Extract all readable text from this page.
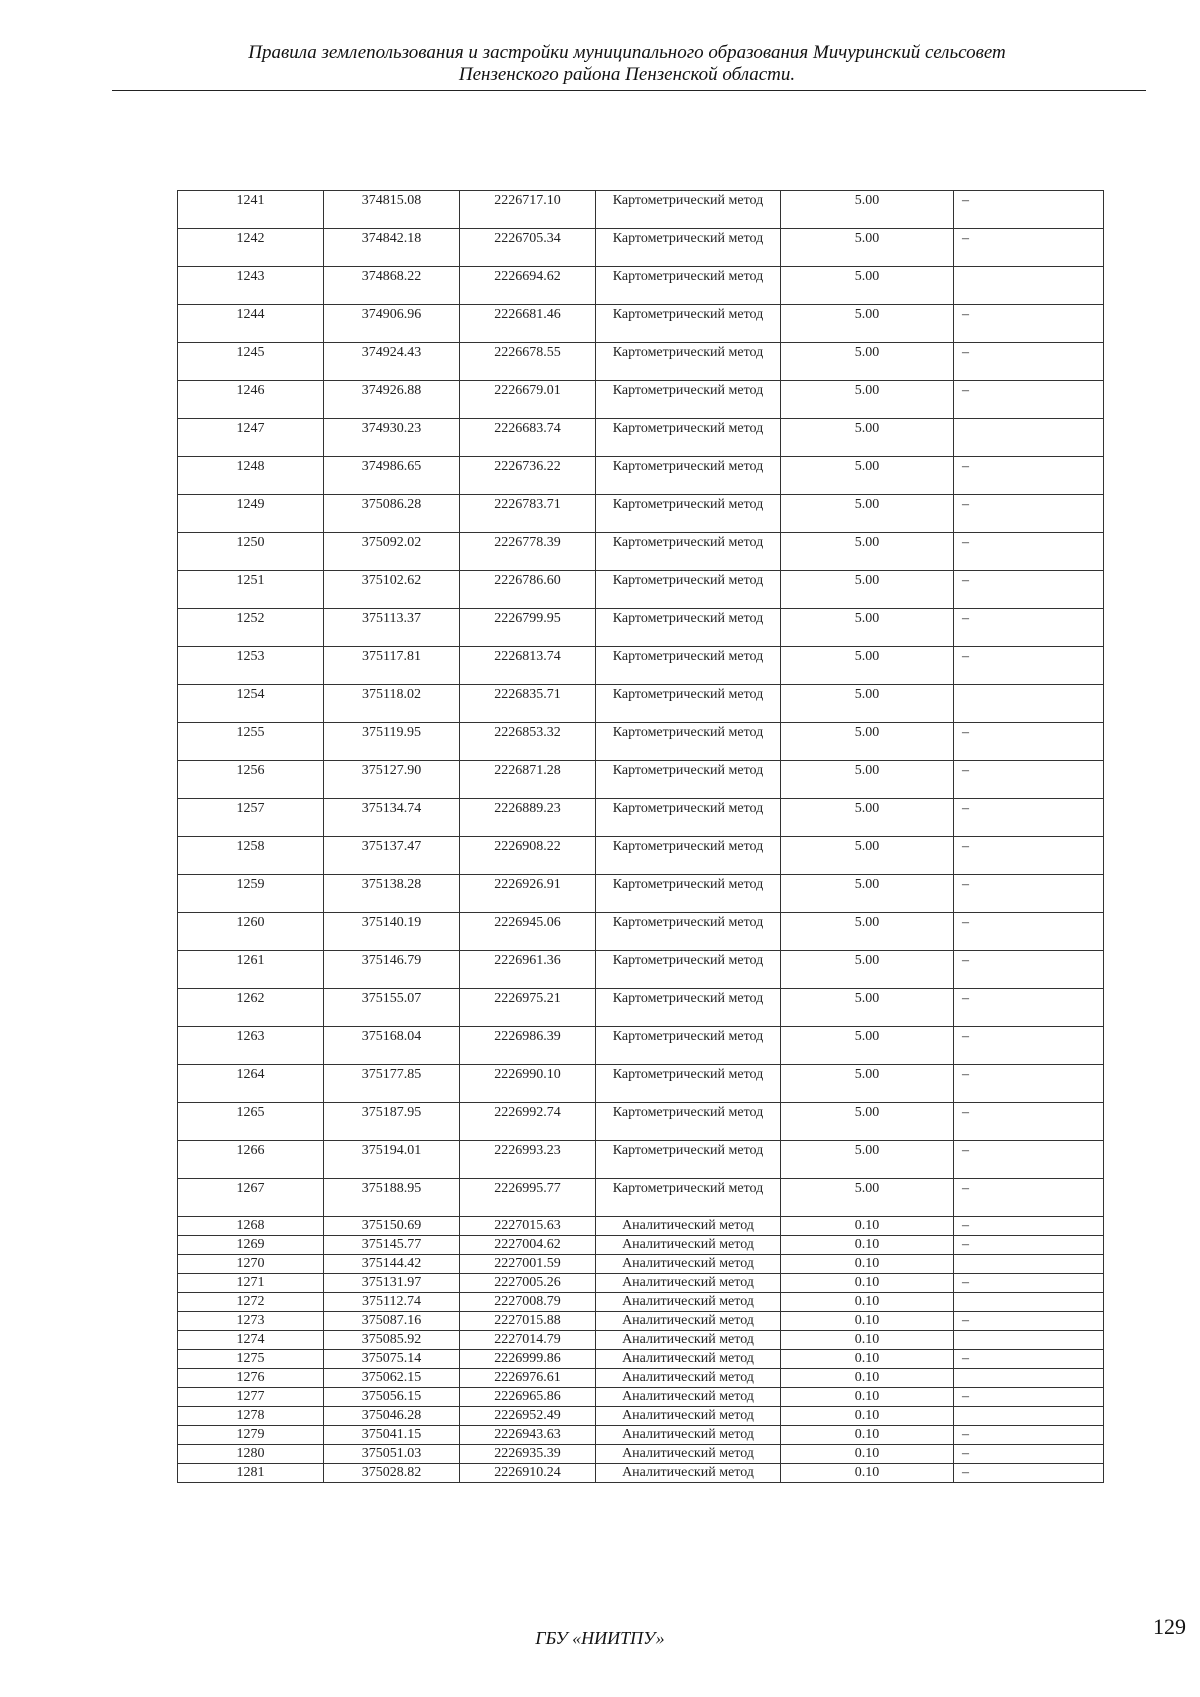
Правила землепользования и застройки муниципального образования Мичуринский сельсовет
Пензенского района Пензенской области.
1241	374815.08	2226717.10	Картометрический метод	5.00	–
1242	374842.18	2226705.34	Картометрический метод	5.00	–
1243	374868.22	2226694.62	Картометрический метод	5.00	
1244	374906.96	2226681.46	Картометрический метод	5.00	–
1245	374924.43	2226678.55	Картометрический метод	5.00	–
1246	374926.88	2226679.01	Картометрический метод	5.00	–
1247	374930.23	2226683.74	Картометрический метод	5.00	
1248	374986.65	2226736.22	Картометрический метод	5.00	–
1249	375086.28	2226783.71	Картометрический метод	5.00	–
1250	375092.02	2226778.39	Картометрический метод	5.00	–
1251	375102.62	2226786.60	Картометрический метод	5.00	–
1252	375113.37	2226799.95	Картометрический метод	5.00	–
1253	375117.81	2226813.74	Картометрический метод	5.00	–
1254	375118.02	2226835.71	Картометрический метод	5.00	
1255	375119.95	2226853.32	Картометрический метод	5.00	–
1256	375127.90	2226871.28	Картометрический метод	5.00	–
1257	375134.74	2226889.23	Картометрический метод	5.00	–
1258	375137.47	2226908.22	Картометрический метод	5.00	–
1259	375138.28	2226926.91	Картометрический метод	5.00	–
1260	375140.19	2226945.06	Картометрический метод	5.00	–
1261	375146.79	2226961.36	Картометрический метод	5.00	–
1262	375155.07	2226975.21	Картометрический метод	5.00	–
1263	375168.04	2226986.39	Картометрический метод	5.00	–
1264	375177.85	2226990.10	Картометрический метод	5.00	–
1265	375187.95	2226992.74	Картометрический метод	5.00	–
1266	375194.01	2226993.23	Картометрический метод	5.00	–
1267	375188.95	2226995.77	Картометрический метод	5.00	–
1268	375150.69	2227015.63	Аналитический метод	0.10	–
1269	375145.77	2227004.62	Аналитический метод	0.10	–
1270	375144.42	2227001.59	Аналитический метод	0.10	
1271	375131.97	2227005.26	Аналитический метод	0.10	–
1272	375112.74	2227008.79	Аналитический метод	0.10	
1273	375087.16	2227015.88	Аналитический метод	0.10	–
1274	375085.92	2227014.79	Аналитический метод	0.10	
1275	375075.14	2226999.86	Аналитический метод	0.10	–
1276	375062.15	2226976.61	Аналитический метод	0.10	
1277	375056.15	2226965.86	Аналитический метод	0.10	–
1278	375046.28	2226952.49	Аналитический метод	0.10	
1279	375041.15	2226943.63	Аналитический метод	0.10	–
1280	375051.03	2226935.39	Аналитический метод	0.10	–
1281	375028.82	2226910.24	Аналитический метод	0.10	–
ГБУ «НИИТПУ»	129
